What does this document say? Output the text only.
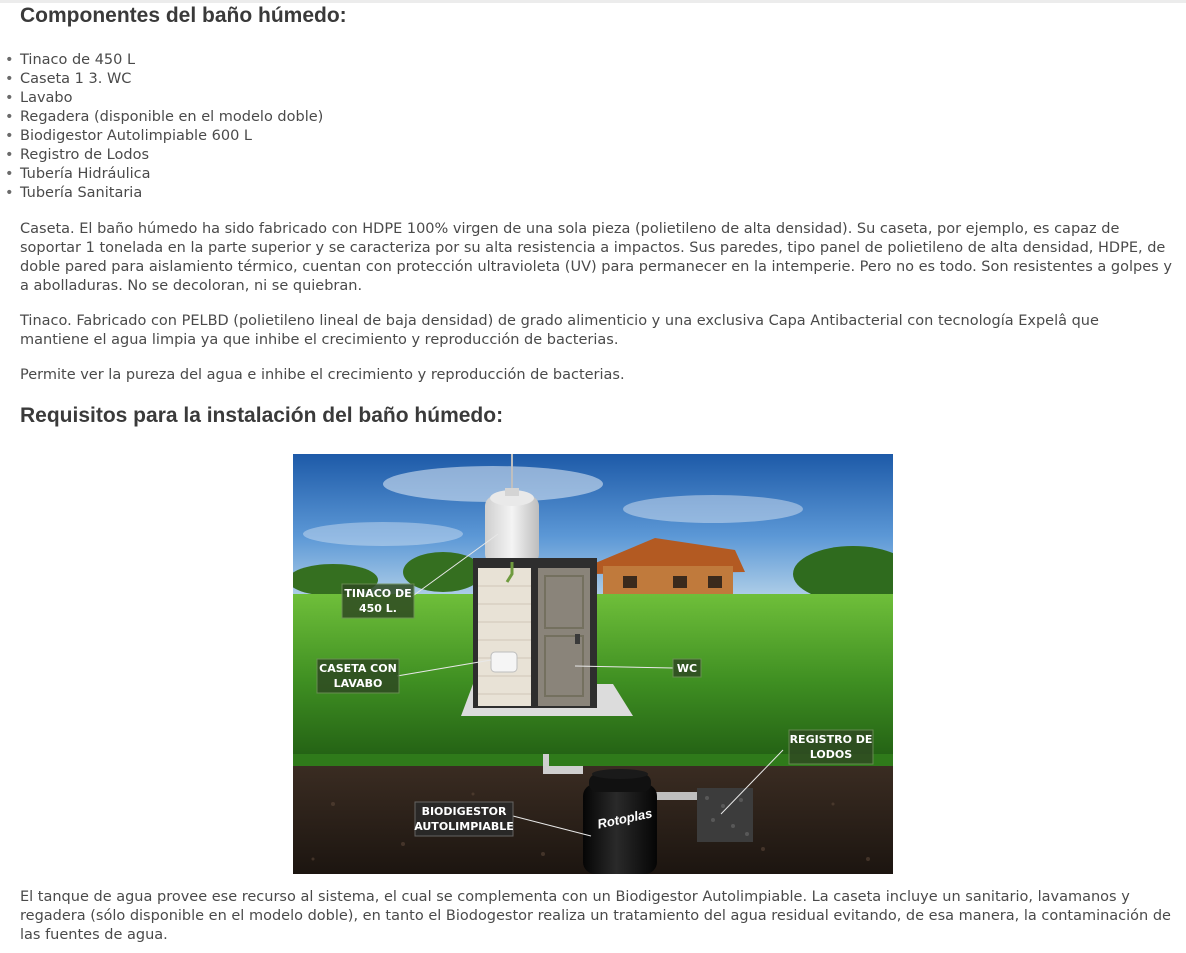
Componentes del baño húmedo:
• Tinaco de 450 L
• Caseta 1 3. WC
• Lavabo
• Regadera (disponible en el modelo doble)
• Biodigestor Autolimpiable 600 L
• Registro de Lodos
• Tubería Hidráulica
• Tubería Sanitaria

Caseta. El baño húmedo ha sido fabricado con HDPE 100% virgen de una sola pieza (polietileno de alta densidad). Su caseta, por ejemplo, es capaz de soportar 1 tonelada en la parte superior y se caracteriza por su alta resistencia a impactos. Sus paredes, tipo panel de polietileno de alta densidad, HDPE, de doble pared para aislamiento térmico, cuentan con protección ultravioleta (UV) para permanecer en la intemperie. Pero no es todo. Son resistentes a golpes y a abolladuras. No se decoloran, ni se quiebran.

Tinaco. Fabricado con PELBD (polietileno lineal de baja densidad) de grado alimenticio y una exclusiva Capa Antibacterial con tecnología Expelâ que mantiene el agua limpia ya que inhibe el crecimiento y reproducción de bacterias.

Permite ver la pureza del agua e inhibe el crecimiento y reproducción de bacterias.

Requisitos para la instalación del baño húmedo:
Rotoplas
TINACO DE
450 L.
CASETA CON
LAVABO
WC
REGISTRO DE
LODOS
BIODIGESTOR
AUTOLIMPIABLE

El tanque de agua provee ese recurso al sistema, el cual se complementa con un Biodigestor Autolimpiable. La caseta incluye un sanitario, lavamanos y regadera (sólo disponible en el modelo doble), en tanto el Biodogestor realiza un tratamiento del agua residual evitando, de esa manera, la contaminación de las fuentes de agua.
